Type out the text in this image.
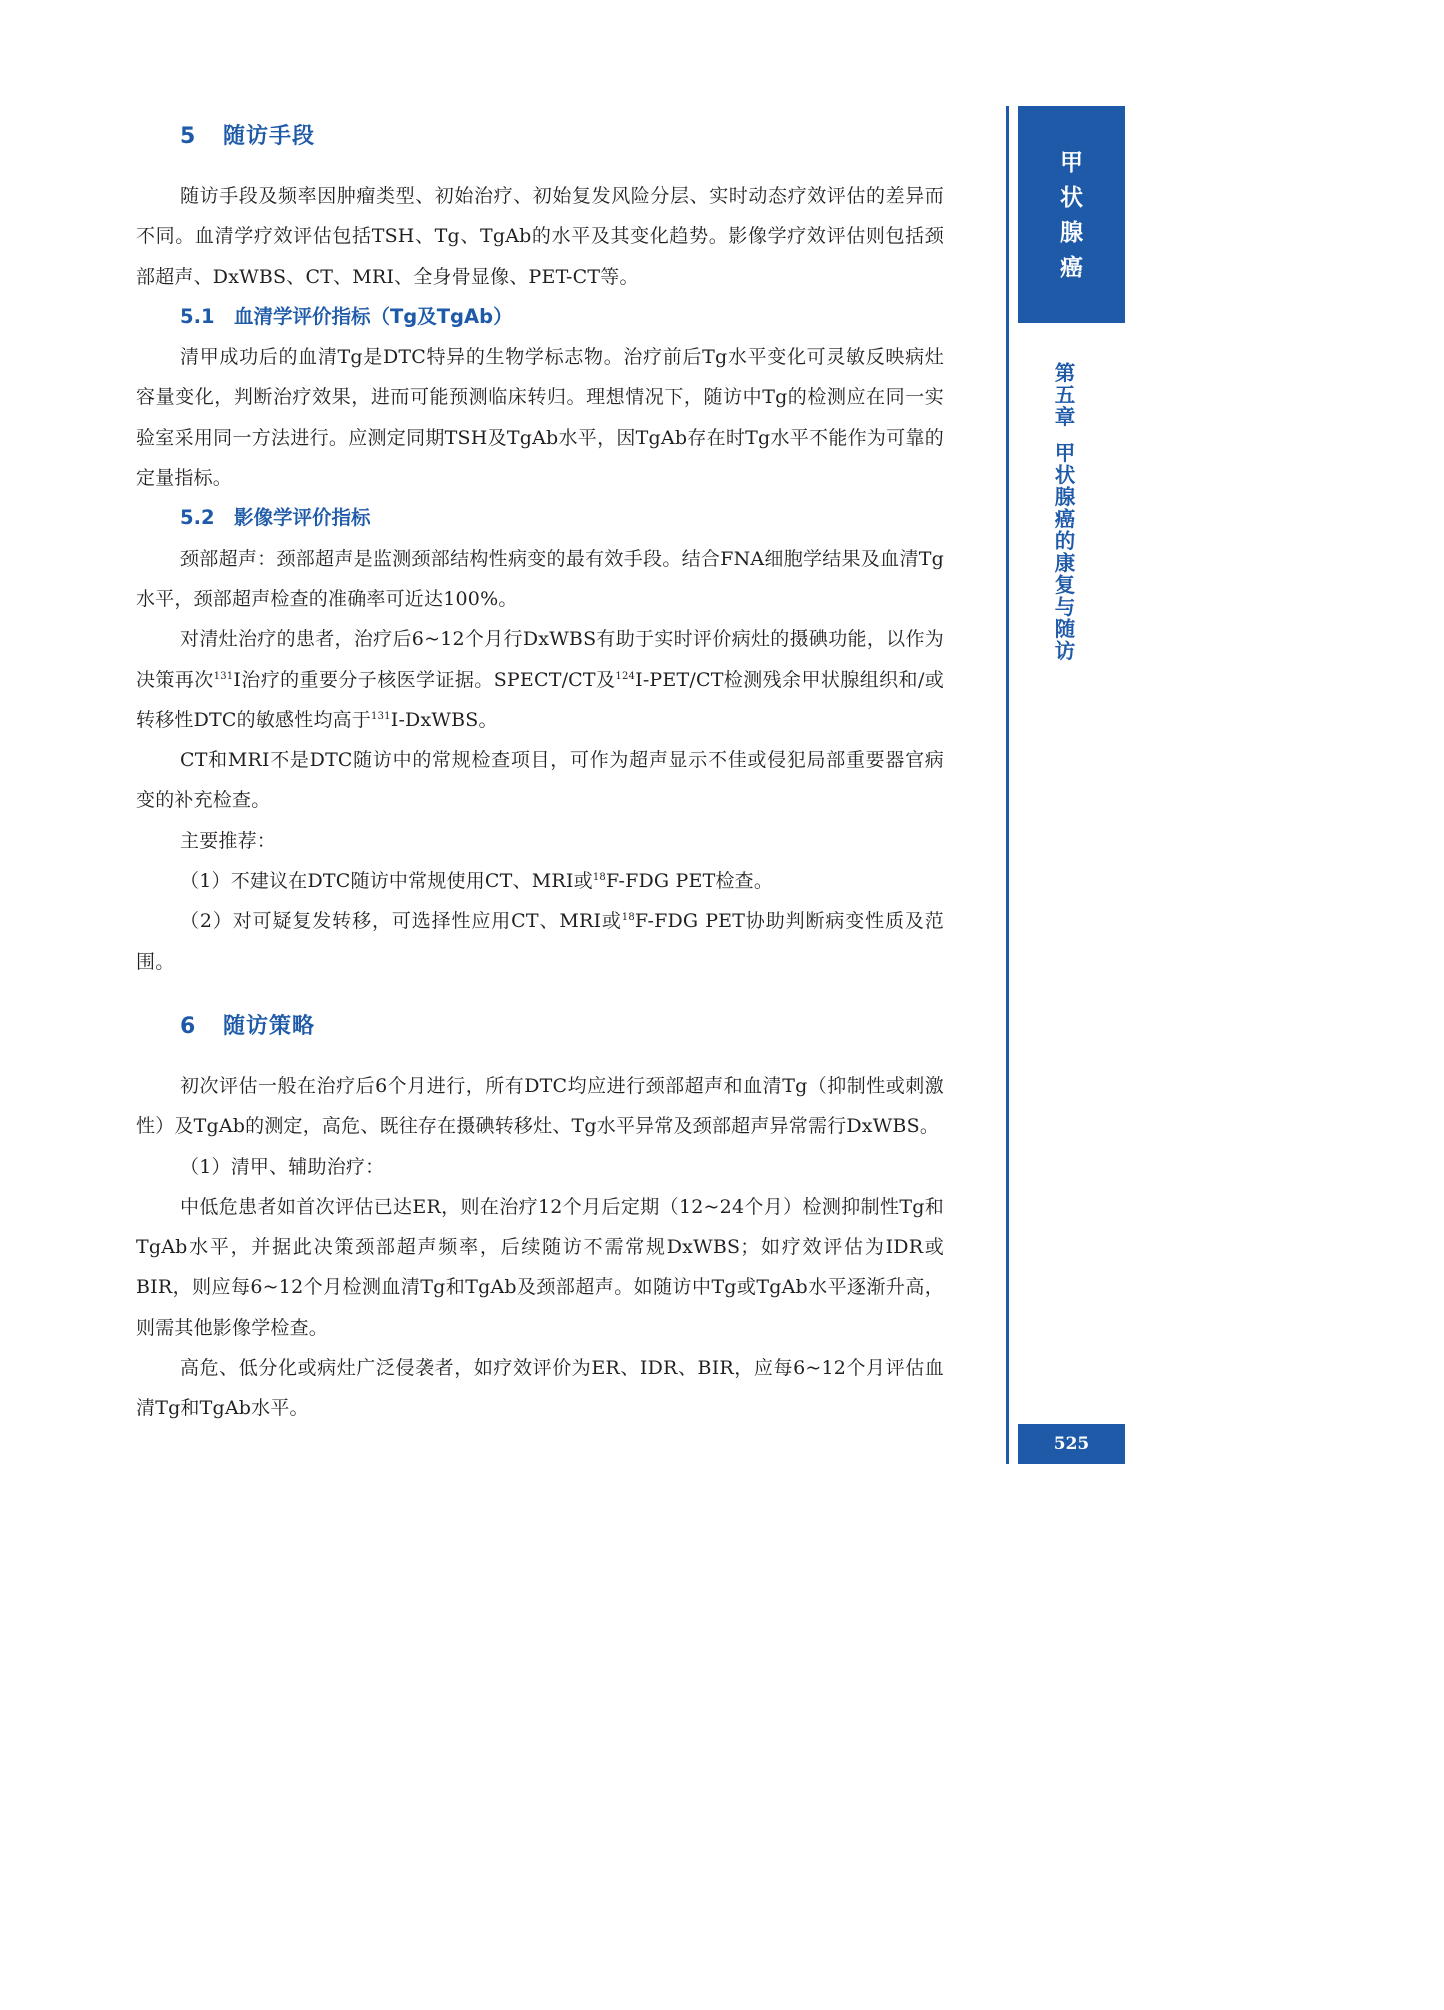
甲
状
腺
癌
第
五
章
甲
状
腺
癌
的
康
复
与
随
访
525
5 随访手段

随访手段及频率因肿瘤类型、初始治疗、初始复发风险分层、实时动态疗效评估的差异而不同。血清学疗效评估包括TSH、Tg、TgAb的水平及其变化趋势。影像学疗效评估则包括颈部超声、DxWBS、CT、MRI、全身骨显像、PET-CT等。

5.1 血清学评价指标（Tg及TgAb）

清甲成功后的血清Tg是DTC特异的生物学标志物。治疗前后Tg水平变化可灵敏反映病灶容量变化，判断治疗效果，进而可能预测临床转归。理想情况下，随访中Tg的检测应在同一实验室采用同一方法进行。应测定同期TSH及TgAb水平，因TgAb存在时Tg水平不能作为可靠的定量指标。

5.2 影像学评价指标

颈部超声：颈部超声是监测颈部结构性病变的最有效手段。结合FNA细胞学结果及血清Tg水平，颈部超声检查的准确率可近达100%。

对清灶治疗的患者，治疗后6~12个月行DxWBS有助于实时评价病灶的摄碘功能，以作为决策再次$^{131}$I治疗的重要分子核医学证据。SPECT/CT及$^{124}$I-PET/CT检测残余甲状腺组织和/或转移性DTC的敏感性均高于$^{131}$I-DxWBS。

CT和MRI不是DTC随访中的常规检查项目，可作为超声显示不佳或侵犯局部重要器官病变的补充检查。

主要推荐：

（1）不建议在DTC随访中常规使用CT、MRI或$^{18}$F-FDG PET检查。

（2）对可疑复发转移，可选择性应用CT、MRI或$^{18}$F-FDG PET协助判断病变性质及范围。

6 随访策略

初次评估一般在治疗后6个月进行，所有DTC均应进行颈部超声和血清Tg（抑制性或刺激性）及TgAb的测定，高危、既往存在摄碘转移灶、Tg水平异常及颈部超声异常需行DxWBS。

（1）清甲、辅助治疗：

中低危患者如首次评估已达ER，则在治疗12个月后定期（12~24个月）检测抑制性Tg和TgAb水平，并据此决策颈部超声频率，后续随访不需常规DxWBS；如疗效评估为IDR或BIR，则应每6~12个月检测血清Tg和TgAb及颈部超声。如随访中Tg或TgAb水平逐渐升高，则需其他影像学检查。

高危、低分化或病灶广泛侵袭者，如疗效评价为ER、IDR、BIR，应每6~12个月评估血清Tg和TgAb水平。
